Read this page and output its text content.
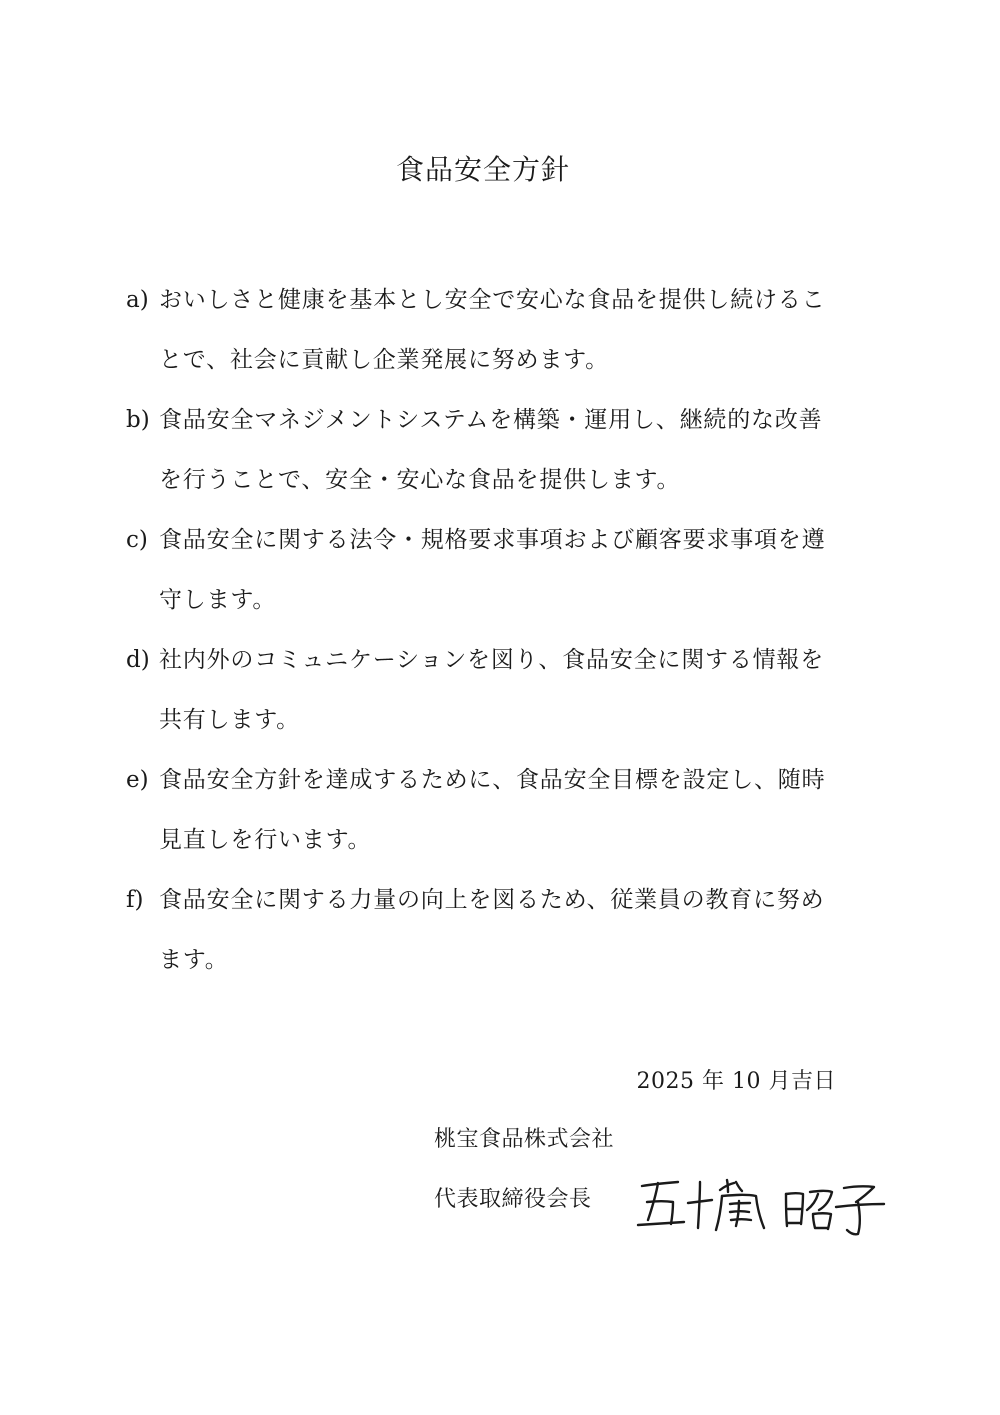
食品安全方針
a) おいしさと健康を基本とし安全で安心な食品を提供し続けることで、社会に貢献し企業発展に努めます。
b) 食品安全マネジメントシステムを構築・運用し、継続的な改善を行うことで、安全・安心な食品を提供します。
c) 食品安全に関する法令・規格要求事項および顧客要求事項を遵守します。
d) 社内外のコミュニケーションを図り、食品安全に関する情報を共有します。
e) 食品安全方針を達成するために、食品安全目標を設定し、随時見直しを行います。
f) 食品安全に関する力量の向上を図るため、従業員の教育に努めます。
2025 年 10 月吉日
桃宝食品株式会社
代表取締役会長
